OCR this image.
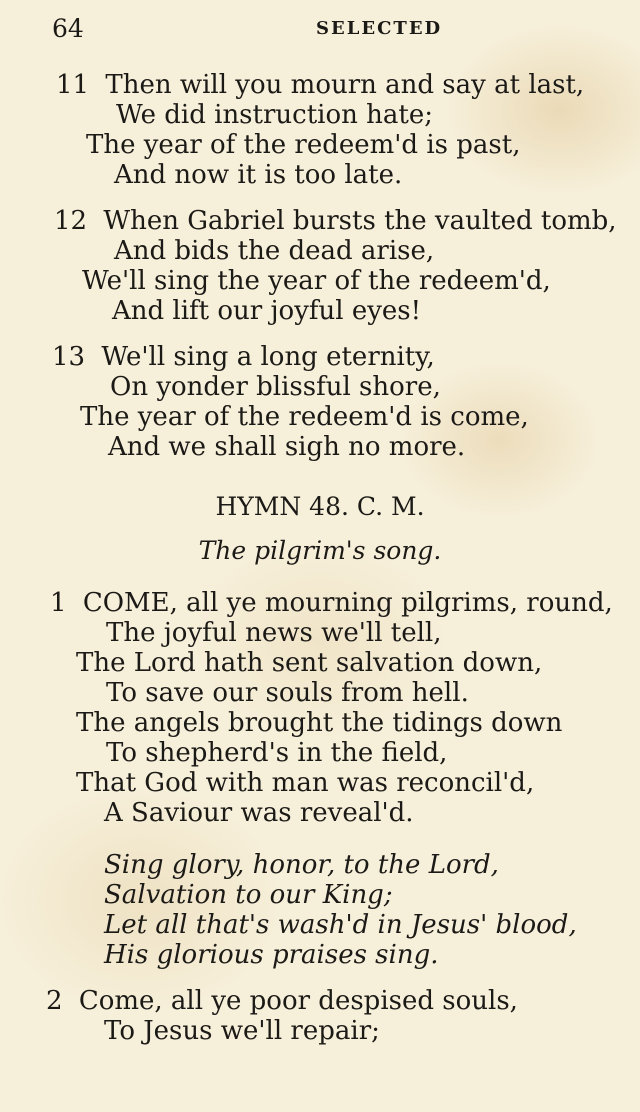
64	SELECTED
11 Then will you mourn and say at last,
We did instruction hate;
The year of the redeem'd is past,
And now it is too late.
12 When Gabriel bursts the vaulted tomb,
And bids the dead arise,
We'll sing the year of the redeem'd,
And lift our joyful eyes!
13 We'll sing a long eternity,
On yonder blissful shore,
The year of the redeem'd is come,
And we shall sigh no more.
HYMN 48. C. M.
The pilgrim's song.
1 COME, all ye mourning pilgrims, round,
The joyful news we'll tell,
The Lord hath sent salvation down,
To save our souls from hell.
The angels brought the tidings down
To shepherd's in the field,
That God with man was reconcil'd,
A Saviour was reveal'd.
Sing glory, honor, to the Lord,
Salvation to our King;
Let all that's wash'd in Jesus' blood,
His glorious praises sing.
2 Come, all ye poor despised souls,
To Jesus we'll repair;
